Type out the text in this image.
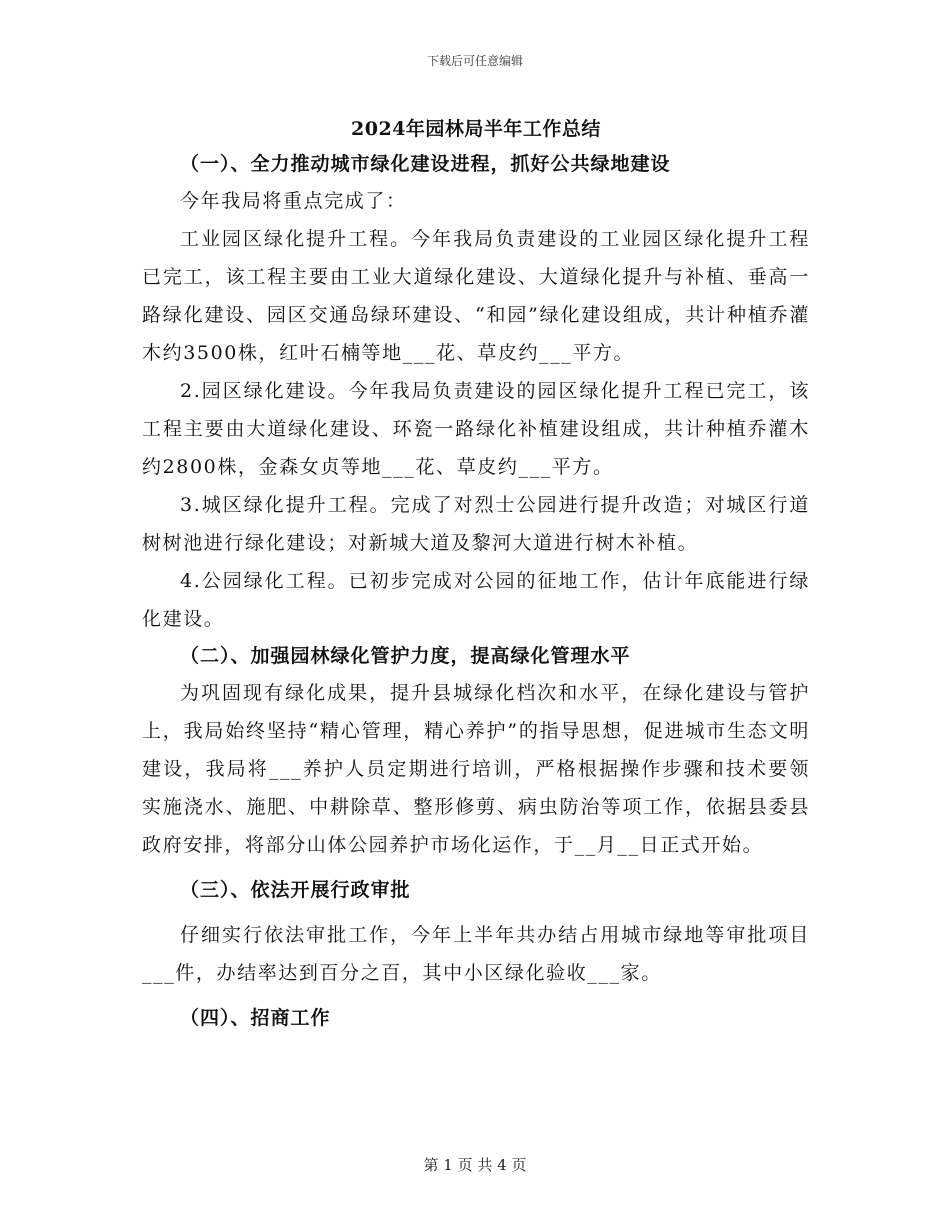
下载后可任意编辑
2024年园林局半年工作总结
（一）、全力推动城市绿化建设进程，抓好公共绿地建设

今年我局将重点完成了：

工业园区绿化提升工程。今年我局负责建设的工业园区绿化提升工程已完工，该工程主要由工业大道绿化建设、大道绿化提升与补植、垂高一路绿化建设、园区交通岛绿环建设、“和园”绿化建设组成，共计种植乔灌木约3500株，红叶石楠等地___花、草皮约___平方。

2.园区绿化建设。今年我局负责建设的园区绿化提升工程已完工，该工程主要由大道绿化建设、环瓷一路绿化补植建设组成，共计种植乔灌木约2800株，金森女贞等地___花、草皮约___平方。

3.城区绿化提升工程。完成了对烈士公园进行提升改造；对城区行道树树池进行绿化建设；对新城大道及黎河大道进行树木补植。

4.公园绿化工程。已初步完成对公园的征地工作，估计年底能进行绿化建设。

（二）、加强园林绿化管护力度，提高绿化管理水平

为巩固现有绿化成果，提升县城绿化档次和水平，在绿化建设与管护上，我局始终坚持“精心管理，精心养护”的指导思想，促进城市生态文明建设，我局将___养护人员定期进行培训，严格根据操作步骤和技术要领实施浇水、施肥、中耕除草、整形修剪、病虫防治等项工作，依据县委县政府安排，将部分山体公园养护市场化运作，于__月__日正式开始。

（三）、依法开展行政审批

仔细实行依法审批工作，今年上半年共办结占用城市绿地等审批项目___件，办结率达到百分之百，其中小区绿化验收___家。

（四）、招商工作
第 1 页 共 4 页
